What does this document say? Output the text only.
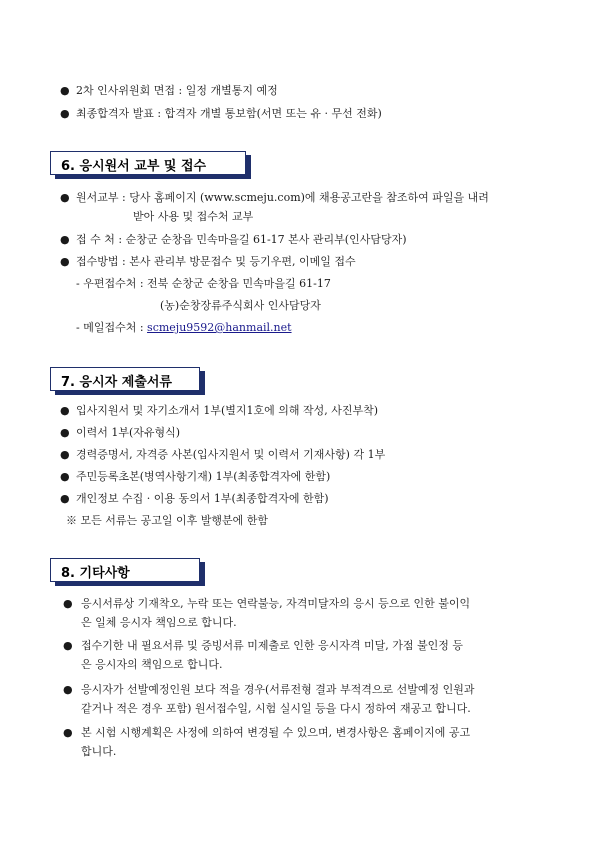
● 2차 인사위원회 면접 : 일정 개별통지 예정
● 최종합격자 발표 : 합격자 개별 통보함(서면 또는 유 · 무선 전화)
6. 응시원서 교부 및 접수
● 원서교부 : 당사 홈페이지 (www.scmeju.com)에 채용공고란을 참조하여 파일을 내려
받아 사용 및 접수처 교부
● 접 수 처 : 순창군 순창읍 민속마을길 61-17 본사 관리부(인사담당자)
● 접수방법 : 본사 관리부 방문접수 및 등기우편, 이메일 접수
- 우편접수처 : 전북 순창군 순창읍 민속마을길 61-17
(농)순창장류주식회사 인사담당자
- 메일접수처 : scmeju9592@hanmail.net
7. 응시자 제출서류
● 입사지원서 및 자기소개서 1부(별지1호에 의해 작성, 사진부착)
● 이력서 1부(자유형식)
● 경력증명서, 자격증 사본(입사지원서 및 이력서 기재사항) 각 1부
● 주민등록초본(병역사항기재) 1부(최종합격자에 한함)
● 개인정보 수집 · 이용 동의서 1부(최종합격자에 한함)
※ 모든 서류는 공고일 이후 발행분에 한함
8. 기타사항
● 응시서류상 기재착오, 누락 또는 연락불능, 자격미달자의 응시 등으로 인한 불이익
은 일체 응시자 책임으로 합니다.
● 접수기한 내 필요서류 및 증빙서류 미제출로 인한 응시자격 미달, 가점 불인정 등
은 응시자의 책임으로 합니다.
● 응시자가 선발예정인원 보다 적을 경우(서류전형 결과 부적격으로 선발예정 인원과
같거나 적은 경우 포함) 원서접수일, 시험 실시일 등을 다시 정하여 재공고 합니다.
● 본 시험 시행계획은 사정에 의하여 변경될 수 있으며, 변경사항은 홈페이지에 공고
합니다.
